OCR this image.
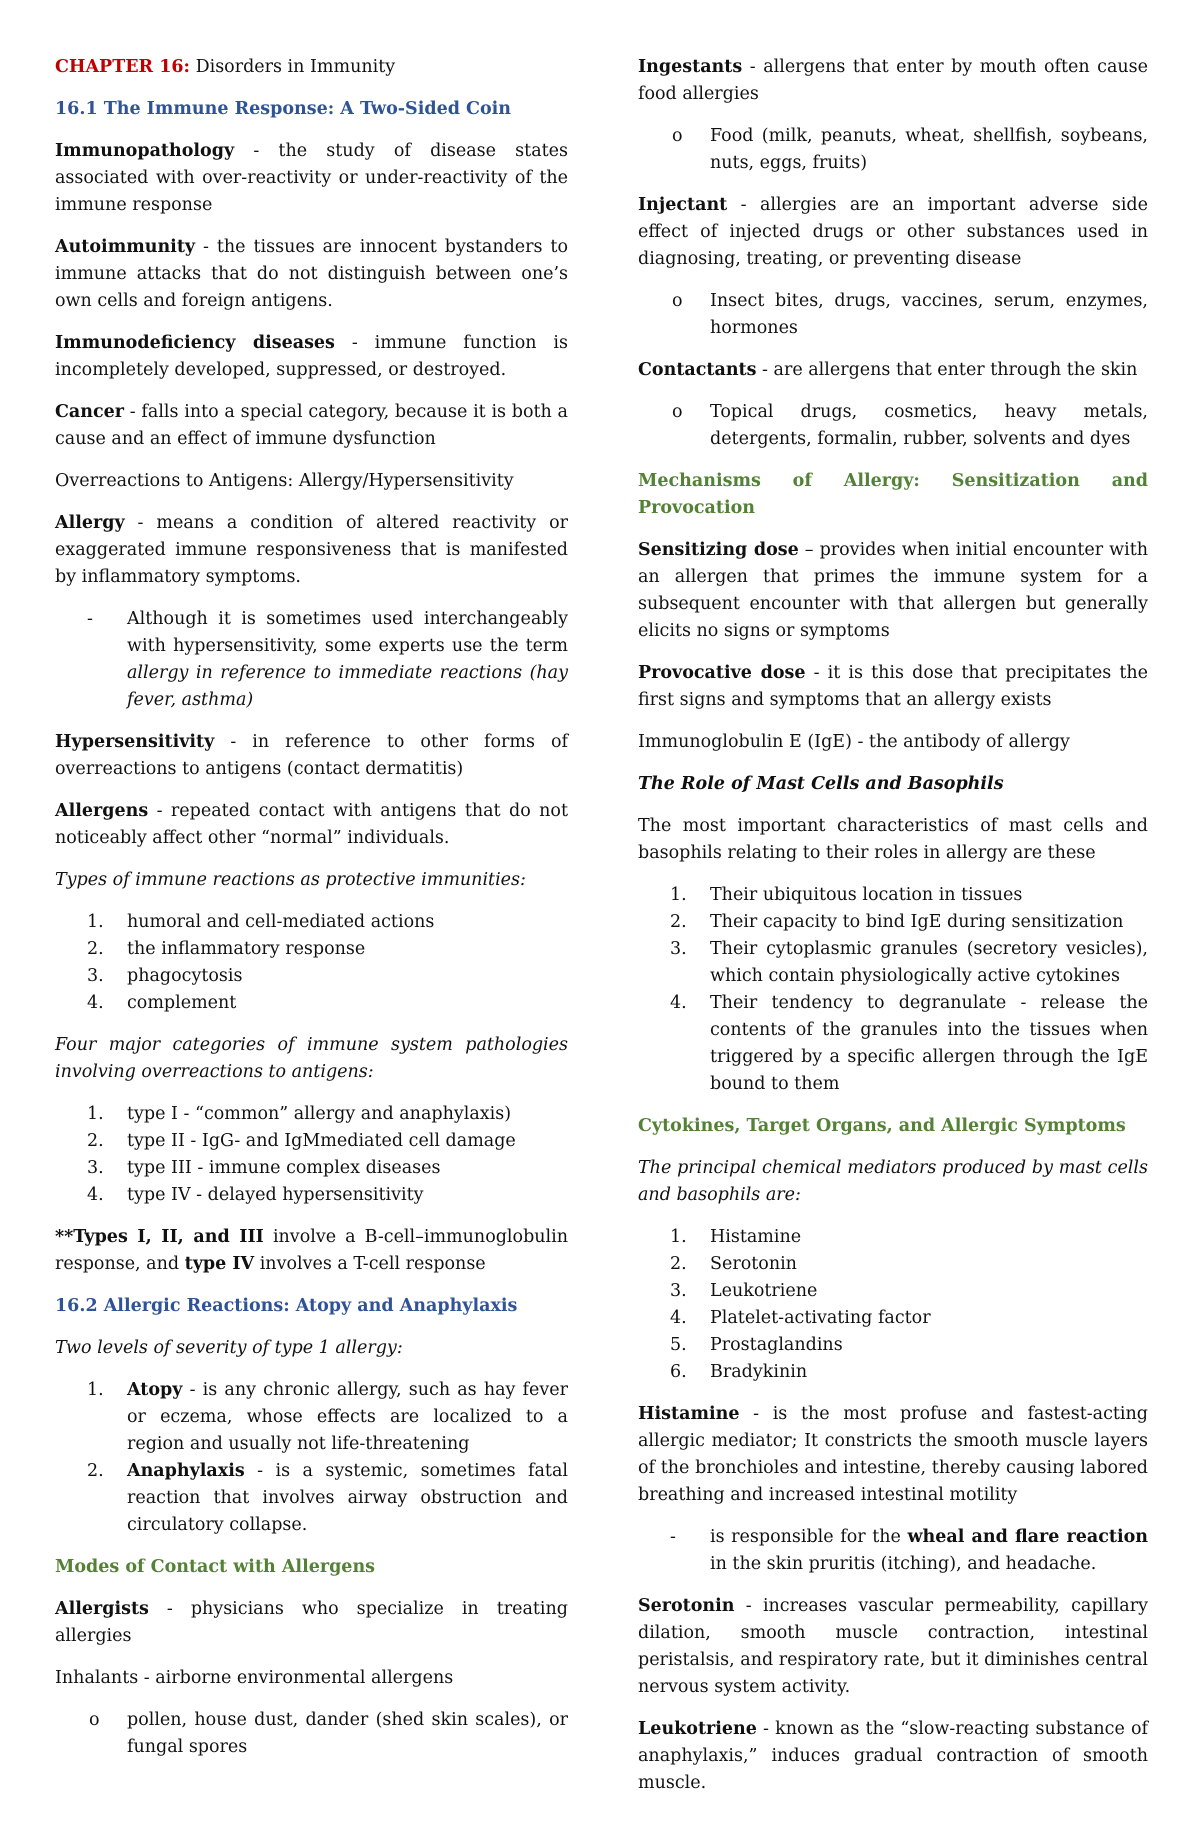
CHAPTER 16: Disorders in Immunity

16.1 The Immune Response: A Two-Sided Coin

Immunopathology - the study of disease states associated with over-reactivity or under-reactivity of the immune response

Autoimmunity - the tissues are innocent bystanders to immune attacks that do not distinguish between one’s own cells and foreign antigens.

Immunodeficiency diseases - immune function is incompletely developed, suppressed, or destroyed.

Cancer - falls into a special category, because it is both a cause and an effect of immune dysfunction

Overreactions to Antigens: Allergy/Hypersensitivity

Allergy - means a condition of altered reactivity or exaggerated immune responsiveness that is manifested by inflammatory symptoms.

- Although it is sometimes used interchangeably with hypersensitivity, some experts use the term allergy in reference to immediate reactions (hay fever, asthma)

Hypersensitivity - in reference to other forms of overreactions to antigens (contact dermatitis)

Allergens - repeated contact with antigens that do not noticeably affect other “normal” individuals.

Types of immune reactions as protective immunities:

1. humoral and cell-mediated actions
2. the inflammatory response
3. phagocytosis
4. complement

Four major categories of immune system pathologies involving overreactions to antigens:

1. type I - “common” allergy and anaphylaxis)
2. type II - IgG- and IgMmediated cell damage
3. type III - immune complex diseases
4. type IV - delayed hypersensitivity

**Types I, II, and III involve a B-cell–immunoglobulin response, and type IV involves a T-cell response

16.2 Allergic Reactions: Atopy and Anaphylaxis

Two levels of severity of type 1 allergy:

1. Atopy - is any chronic allergy, such as hay fever or eczema, whose effects are localized to a region and usually not life-threatening
2. Anaphylaxis - is a systemic, sometimes fatal reaction that involves airway obstruction and circulatory collapse.

Modes of Contact with Allergens

Allergists - physicians who specialize in treating allergies

Inhalants - airborne environmental allergens

o pollen, house dust, dander (shed skin scales), or fungal spores

Ingestants - allergens that enter by mouth often cause food allergies

o Food (milk, peanuts, wheat, shellfish, soybeans, nuts, eggs, fruits)

Injectant - allergies are an important adverse side effect of injected drugs or other substances used in diagnosing, treating, or preventing disease

o Insect bites, drugs, vaccines, serum, enzymes, hormones

Contactants - are allergens that enter through the skin

o Topical drugs, cosmetics, heavy metals, detergents, formalin, rubber, solvents and dyes

Mechanisms of Allergy: Sensitization and Provocation

Sensitizing dose – provides when initial encounter with an allergen that primes the immune system for a subsequent encounter with that allergen but generally elicits no signs or symptoms

Provocative dose - it is this dose that precipitates the first signs and symptoms that an allergy exists

Immunoglobulin E (IgE) - the antibody of allergy

The Role of Mast Cells and Basophils

The most important characteristics of mast cells and basophils relating to their roles in allergy are these

1. Their ubiquitous location in tissues
2. Their capacity to bind IgE during sensitization
3. Their cytoplasmic granules (secretory vesicles), which contain physiologically active cytokines
4. Their tendency to degranulate - release the contents of the granules into the tissues when triggered by a specific allergen through the IgE bound to them

Cytokines, Target Organs, and Allergic Symptoms

The principal chemical mediators produced by mast cells and basophils are:

1. Histamine
2. Serotonin
3. Leukotriene
4. Platelet-activating factor
5. Prostaglandins
6. Bradykinin

Histamine - is the most profuse and fastest-acting allergic mediator; It constricts the smooth muscle layers of the bronchioles and intestine, thereby causing labored breathing and increased intestinal motility

- is responsible for the wheal and flare reaction in the skin pruritis (itching), and headache.

Serotonin - increases vascular permeability, capillary dilation, smooth muscle contraction, intestinal peristalsis, and respiratory rate, but it diminishes central nervous system activity.

Leukotriene - known as the “slow-reacting substance of anaphylaxis,” induces gradual contraction of smooth muscle.
